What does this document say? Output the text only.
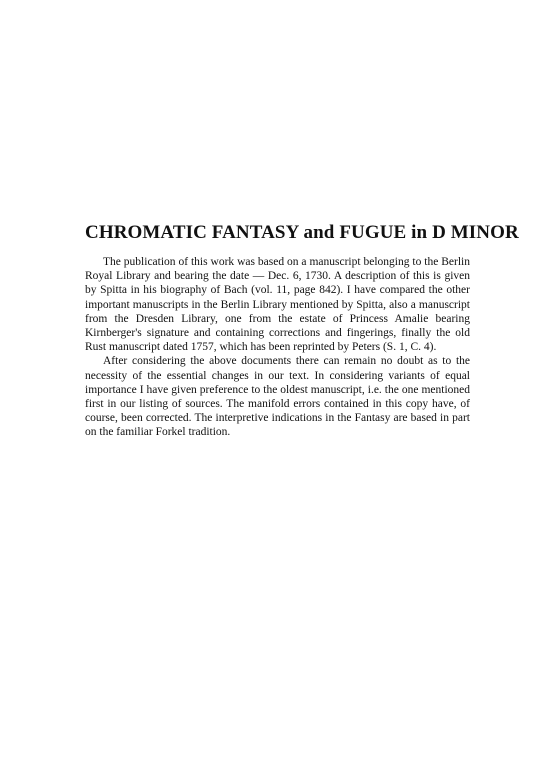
CHROMATIC FANTASY and FUGUE in D MINOR

The publication of this work was based on a manuscript belonging to the Berlin Royal Library and bearing the date — Dec. 6, 1730. A description of this is given by Spitta in his biography of Bach (vol. 11, page 842). I have compared the other important manuscripts in the Berlin Library mentioned by Spitta, also a manuscript from the Dresden Library, one from the estate of Princess Amalie bearing Kirnberger's signature and containing corrections and fingerings, finally the old Rust manuscript dated 1757, which has been reprinted by Peters (S. 1, C. 4).

After considering the above documents there can remain no doubt as to the necessity of the essential changes in our text. In considering variants of equal importance I have given preference to the oldest manuscript, i.e. the one mentioned first in our listing of sources. The manifold errors contained in this copy have, of course, been corrected. The interpretive indications in the Fantasy are based in part on the familiar Forkel tradition.
